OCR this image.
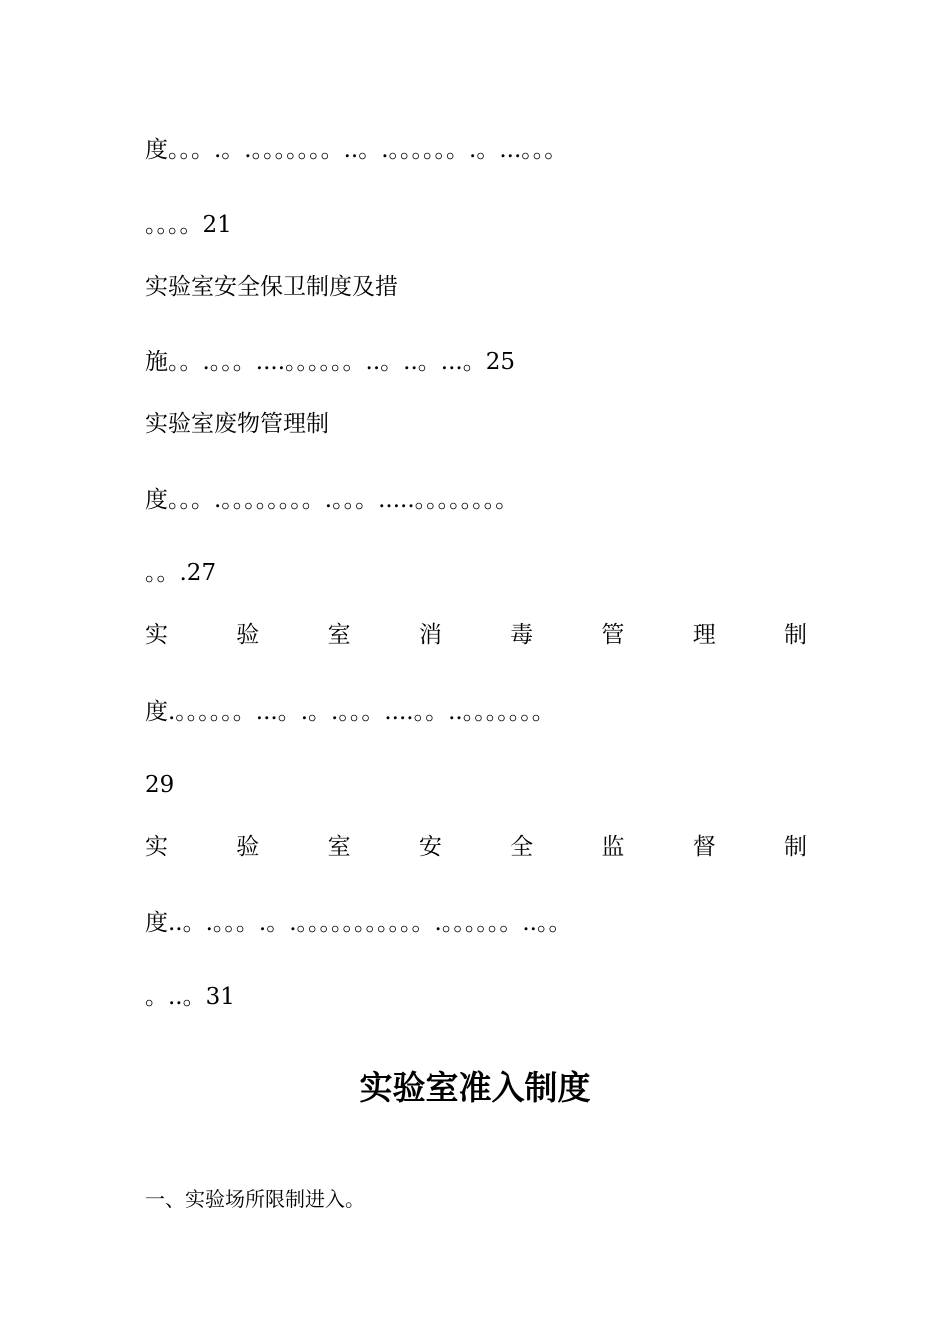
度。。。.。.。。。。。。。..。.。。。。。。.。...。。。
。。。。21
实验室安全保卫制度及措
施。。.。。。....。。。。。。..。..。...。25
实验室废物管理制
度。。。.。。。。。。。。.。。。.....。。。。。。。。
。。.27
实	验	室	消	毒	管	理	制
度.。。。。。。...。.。.。。。....。。..。。。。。。。
29
实	验	室	安	全	监	督	制
度..。.。。。.。.。。。。。。。。。。。.。。。。。。..。。
。..。31
实验室准入制度
一、实验场所限制进入。
